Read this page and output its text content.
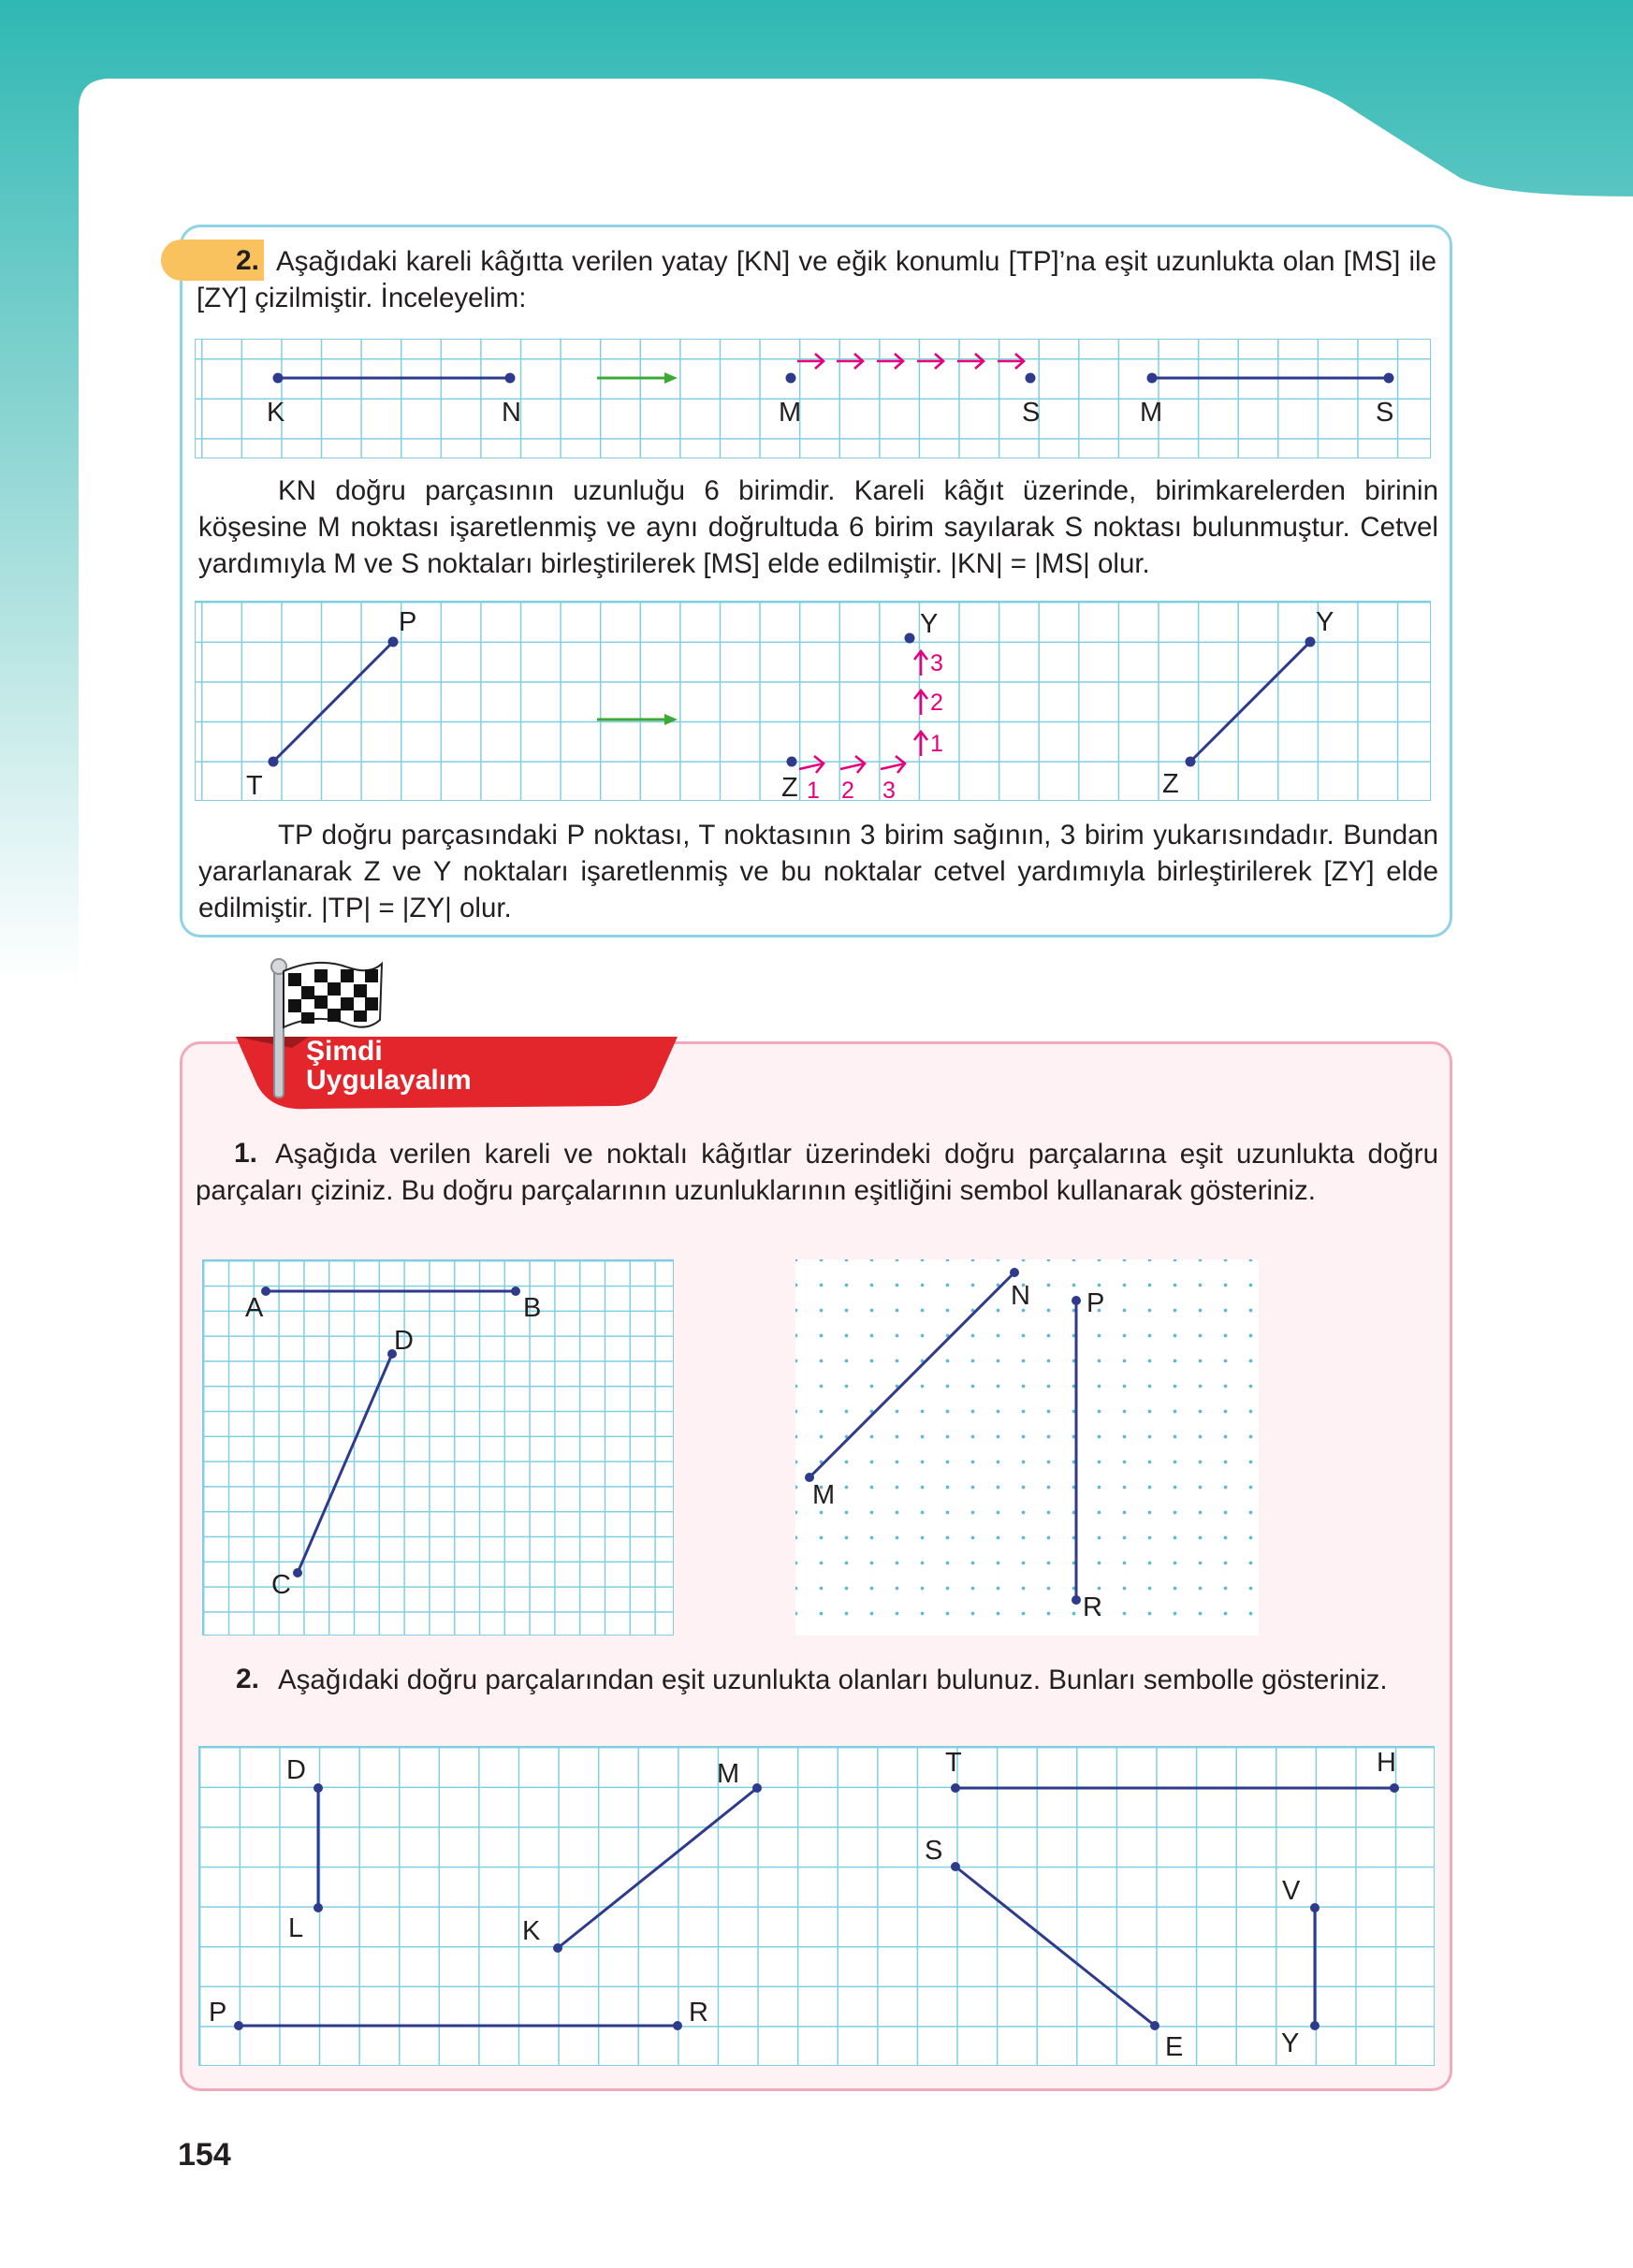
2. Aşağıdaki kareli kâğıtta verilen yatay [KN] ve eğik konumlu [TP]’na eşit uzunlukta olan [MS] ile [ZY] çizilmiştir. İnceleyelim:
K	N	M	S	M	S
KN doğru parçasının uzunluğu 6 birimdir. Kareli kâğıt üzerinde, birimkarelerden birinin köşesine M noktası işaretlenmiş ve aynı doğrultuda 6 birim sayılarak S noktası bulunmuştur. Cetvel yardımıyla M ve S noktaları birleştirilerek [MS] elde edilmiştir. |KN| = |MS| olur.
P
T
Y
Z
Y
Z
1 2 3
3
2
1
TP doğru parçasındaki P noktası, T noktasının 3 birim sağının, 3 birim yukarısındadır. Bundan yararlanarak Z ve Y noktaları işaretlenmiş ve bu noktalar cetvel yardımıyla birleştirilerek [ZY] elde edilmiştir. |TP| = |ZY| olur.
Şimdi
Uygulayalım
1. Aşağıda verilen kareli ve noktalı kâğıtlar üzerindeki doğru parçalarına eşit uzunlukta doğru parçaları çiziniz. Bu doğru parçalarının uzunluklarının eşitliğini sembol kullanarak gösteriniz.
A	B
D
C
N P
M
R
2. Aşağıdaki doğru parçalarından eşit uzunlukta olanları bulunuz. Bunları sembolle gösteriniz.
D
L
M
K
P	R
T	H
S
E
V
Y
154
